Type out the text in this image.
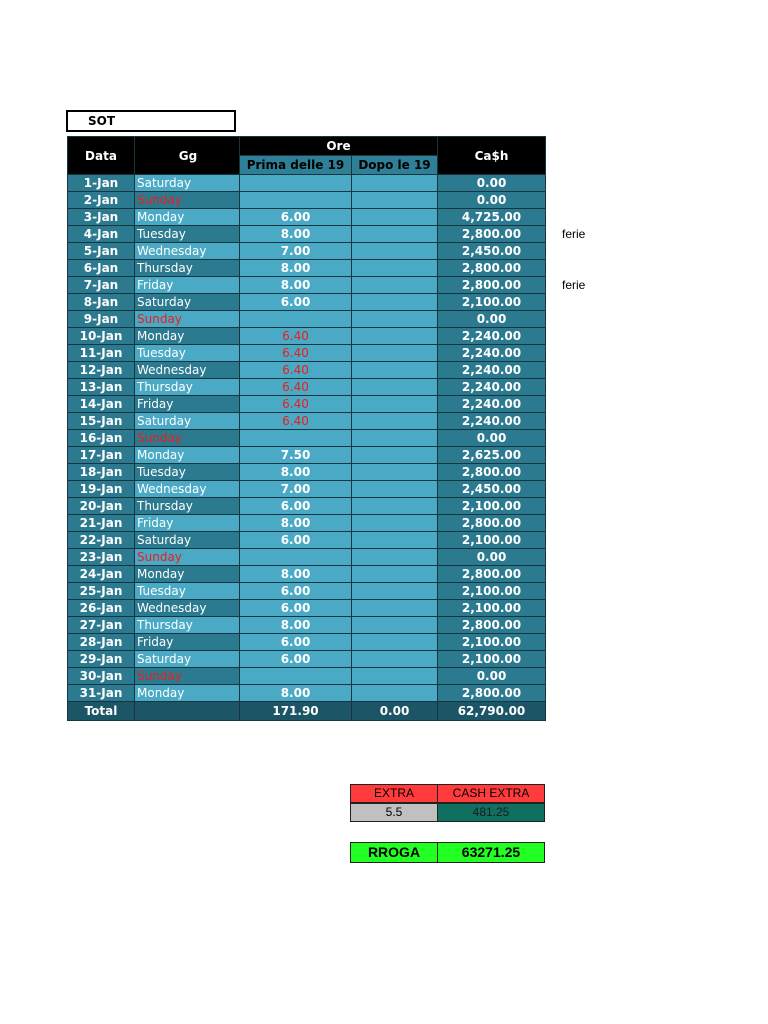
SOT
Data	Gg	Ore		Ca$h
		Prima delle 19	Dopo le 19	
1-Jan	Saturday			0.00
2-Jan	Sunday			0.00
3-Jan	Monday	6.00		4,725.00
4-Jan	Tuesday	8.00		2,800.00
5-Jan	Wednesday	7.00		2,450.00
6-Jan	Thursday	8.00		2,800.00
7-Jan	Friday	8.00		2,800.00
8-Jan	Saturday	6.00		2,100.00
9-Jan	Sunday			0.00
10-Jan	Monday	6.40		2,240.00
11-Jan	Tuesday	6.40		2,240.00
12-Jan	Wednesday	6.40		2,240.00
13-Jan	Thursday	6.40		2,240.00
14-Jan	Friday	6.40		2,240.00
15-Jan	Saturday	6.40		2,240.00
16-Jan	Sunday			0.00
17-Jan	Monday	7.50		2,625.00
18-Jan	Tuesday	8.00		2,800.00
19-Jan	Wednesday	7.00		2,450.00
20-Jan	Thursday	6.00		2,100.00
21-Jan	Friday	8.00		2,800.00
22-Jan	Saturday	6.00		2,100.00
23-Jan	Sunday			0.00
24-Jan	Monday	8.00		2,800.00
25-Jan	Tuesday	6.00		2,100.00
26-Jan	Wednesday	6.00		2,100.00
27-Jan	Thursday	8.00		2,800.00
28-Jan	Friday	6.00		2,100.00
29-Jan	Saturday	6.00		2,100.00
30-Jan	Sunday			0.00
31-Jan	Monday	8.00		2,800.00
Total		171.90	0.00	62,790.00
ferie
ferie
EXTRA	CASH EXTRA
5.5	481.25
RROGA	63271.25
